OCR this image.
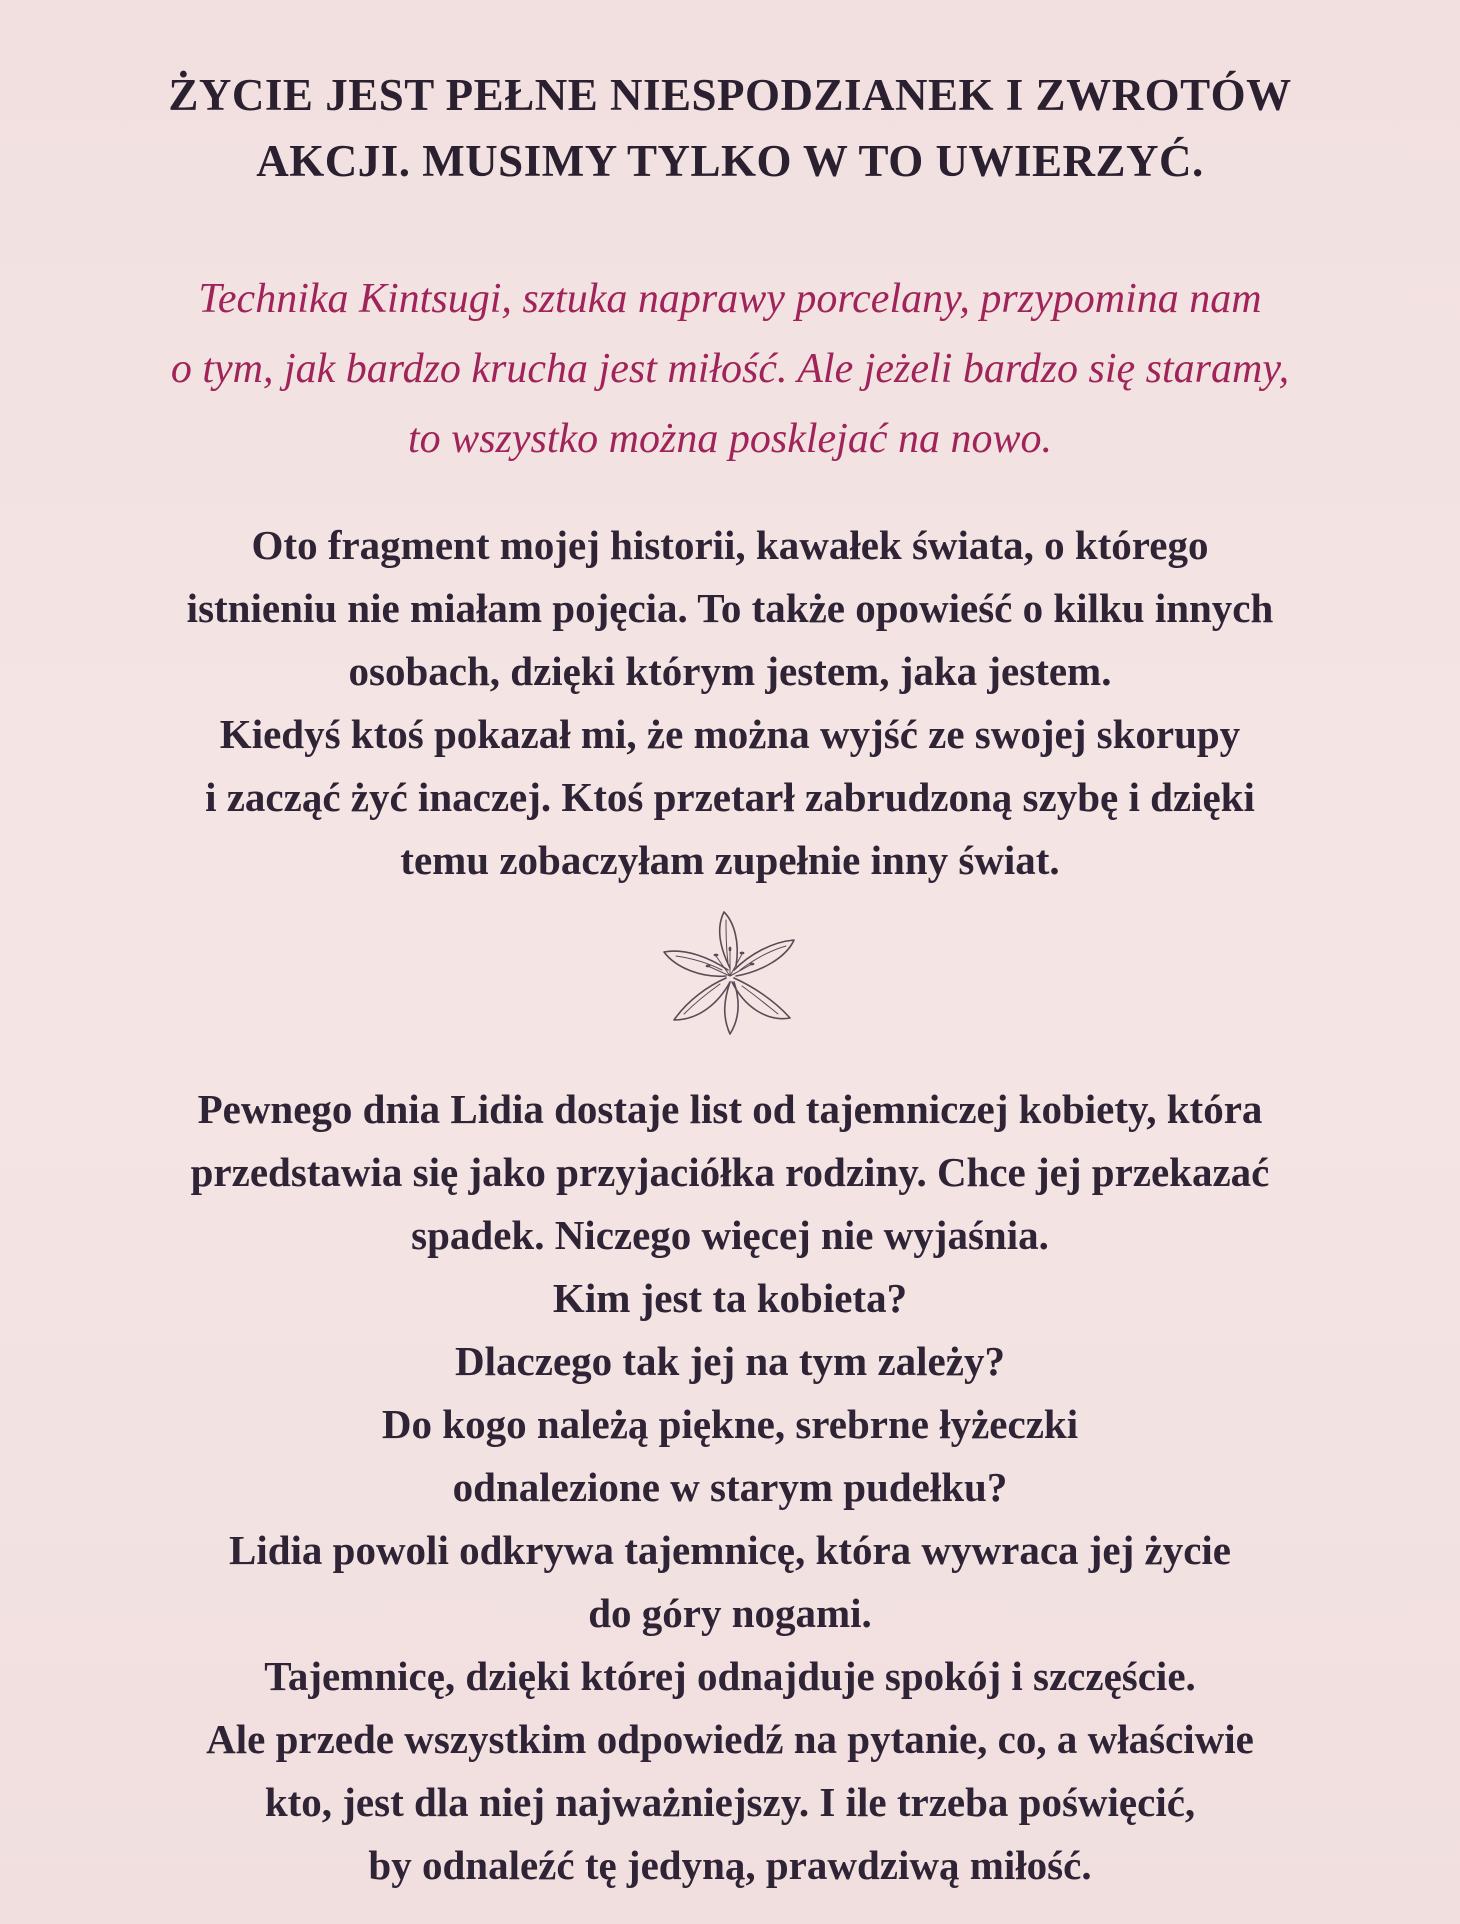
ŻYCIE JEST PEŁNE NIESPODZIANEK I ZWROTÓW
AKCJI. MUSIMY TYLKO W TO UWIERZYĆ.
Technika Kintsugi, sztuka naprawy porcelany, przypomina nam
o tym, jak bardzo krucha jest miłość. Ale jeżeli bardzo się staramy,
to wszystko można posklejać na nowo.
Oto fragment mojej historii, kawałek świata, o którego
istnieniu nie miałam pojęcia. To także opowieść o kilku innych
osobach, dzięki którym jestem, jaka jestem.
Kiedyś ktoś pokazał mi, że można wyjść ze swojej skorupy
i zacząć żyć inaczej. Ktoś przetarł zabrudzoną szybę i dzięki
temu zobaczyłam zupełnie inny świat.
Pewnego dnia Lidia dostaje list od tajemniczej kobiety, która
przedstawia się jako przyjaciółka rodziny. Chce jej przekazać
spadek. Niczego więcej nie wyjaśnia.
Kim jest ta kobieta?
Dlaczego tak jej na tym zależy?
Do kogo należą piękne, srebrne łyżeczki
odnalezione w starym pudełku?
Lidia powoli odkrywa tajemnicę, która wywraca jej życie
do góry nogami.
Tajemnicę, dzięki której odnajduje spokój i szczęście.
Ale przede wszystkim odpowiedź na pytanie, co, a właściwie
kto, jest dla niej najważniejszy. I ile trzeba poświęcić,
by odnaleźć tę jedyną, prawdziwą miłość.
